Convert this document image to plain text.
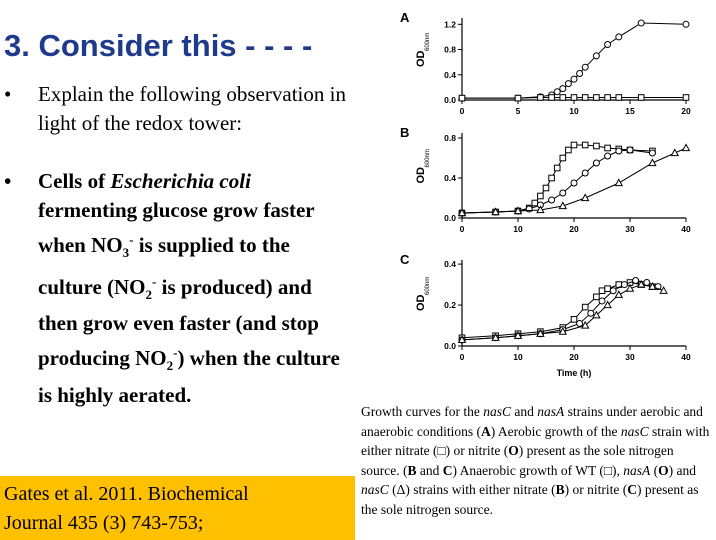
3. Consider this - - - -
• Explain the following observation in light of the redox tower:
• Cells of Escherichia coli fermenting glucose grow faster when $NO_3^-$ is supplied to the culture ($NO_2^-$ is produced) and then grow even faster (and stop producing $NO_2^-$) when the culture is highly aerated.
Gates et al. 2011. Biochemical
Journal 435 (3) 743-753;
A
OD
600nm
0	5	10	15	20
0.0
0.4
0.8
1.2
B
OD
600nm
0	10	20	30	40
0.0
0.4
0.8
C
OD
600nm
0	10	20	30	40
0.0
0.2
0.4
Time (h)
Growth curves for the nasC and nasA strains under aerobic and anaerobic conditions (A) Aerobic growth of the nasC strain with either nitrate (□) or nitrite (O) present as the sole nitrogen source. (B and C) Anaerobic growth of WT (□), nasA (O) and nasC (Δ) strains with either nitrate (B) or nitrite (C) present as the sole nitrogen source.
